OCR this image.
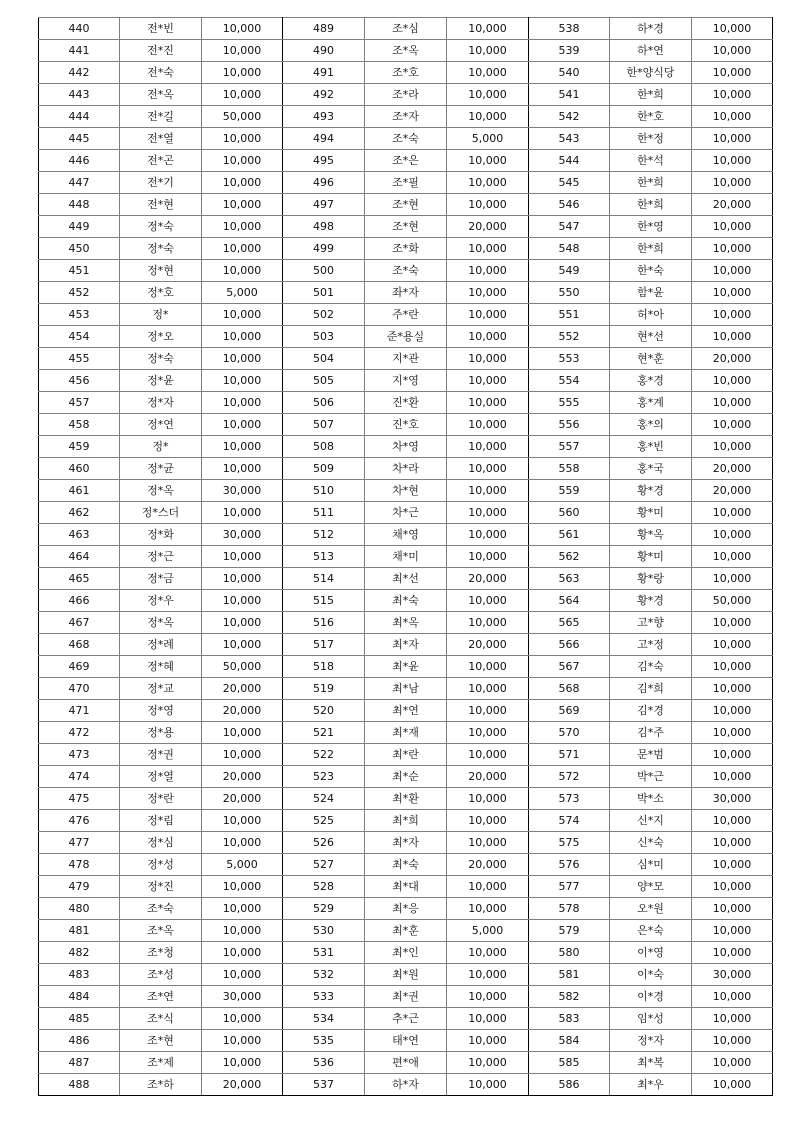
440	전*빈	10,000	489	조*심	10,000	538	하*경	10,000
441	전*진	10,000	490	조*옥	10,000	539	하*연	10,000
442	전*숙	10,000	491	조*호	10,000	540	한*양식당	10,000
443	전*옥	10,000	492	조*라	10,000	541	한*희	10,000
444	전*길	50,000	493	조*자	10,000	542	한*호	10,000
445	전*열	10,000	494	조*숙	5,000	543	한*정	10,000
446	전*곤	10,000	495	조*은	10,000	544	한*석	10,000
447	전*기	10,000	496	조*필	10,000	545	한*희	10,000
448	전*현	10,000	497	조*현	10,000	546	한*희	20,000
449	정*숙	10,000	498	조*현	20,000	547	한*영	10,000
450	정*숙	10,000	499	조*화	10,000	548	한*희	10,000
451	정*현	10,000	500	조*숙	10,000	549	한*숙	10,000
452	정*호	5,000	501	좌*자	10,000	550	함*윤	10,000
453	정*	10,000	502	주*란	10,000	551	허*아	10,000
454	정*오	10,000	503	준*용실	10,000	552	현*선	10,000
455	정*숙	10,000	504	지*관	10,000	553	현*훈	20,000
456	정*윤	10,000	505	지*영	10,000	554	홍*경	10,000
457	정*자	10,000	506	진*환	10,000	555	홍*계	10,000
458	정*연	10,000	507	진*호	10,000	556	홍*의	10,000
459	정*	10,000	508	차*영	10,000	557	홍*빈	10,000
460	정*균	10,000	509	차*라	10,000	558	홍*국	20,000
461	정*옥	30,000	510	차*현	10,000	559	황*경	20,000
462	정*스더	10,000	511	차*근	10,000	560	황*미	10,000
463	정*화	30,000	512	채*영	10,000	561	황*옥	10,000
464	정*근	10,000	513	채*미	10,000	562	황*미	10,000
465	정*금	10,000	514	최*선	20,000	563	황*랑	10,000
466	정*우	10,000	515	최*숙	10,000	564	황*경	50,000
467	정*옥	10,000	516	최*옥	10,000	565	고*향	10,000
468	정*례	10,000	517	최*자	20,000	566	고*정	10,000
469	정*혜	50,000	518	최*윤	10,000	567	김*숙	10,000
470	정*교	20,000	519	최*남	10,000	568	김*희	10,000
471	정*영	20,000	520	최*연	10,000	569	김*경	10,000
472	정*용	10,000	521	최*재	10,000	570	김*주	10,000
473	정*권	10,000	522	최*란	10,000	571	문*범	10,000
474	정*열	20,000	523	최*순	20,000	572	박*근	10,000
475	정*란	20,000	524	최*환	10,000	573	박*소	30,000
476	정*림	10,000	525	최*희	10,000	574	신*지	10,000
477	정*심	10,000	526	최*자	10,000	575	신*숙	10,000
478	정*성	5,000	527	최*숙	20,000	576	심*미	10,000
479	정*진	10,000	528	최*대	10,000	577	양*모	10,000
480	조*숙	10,000	529	최*응	10,000	578	오*원	10,000
481	조*옥	10,000	530	최*훈	5,000	579	은*숙	10,000
482	조*청	10,000	531	최*인	10,000	580	이*영	10,000
483	조*성	10,000	532	최*원	10,000	581	이*숙	30,000
484	조*연	30,000	533	최*권	10,000	582	이*경	10,000
485	조*식	10,000	534	추*근	10,000	583	임*성	10,000
486	조*현	10,000	535	태*연	10,000	584	정*자	10,000
487	조*제	10,000	536	편*애	10,000	585	최*복	10,000
488	조*하	20,000	537	하*자	10,000	586	최*우	10,000
